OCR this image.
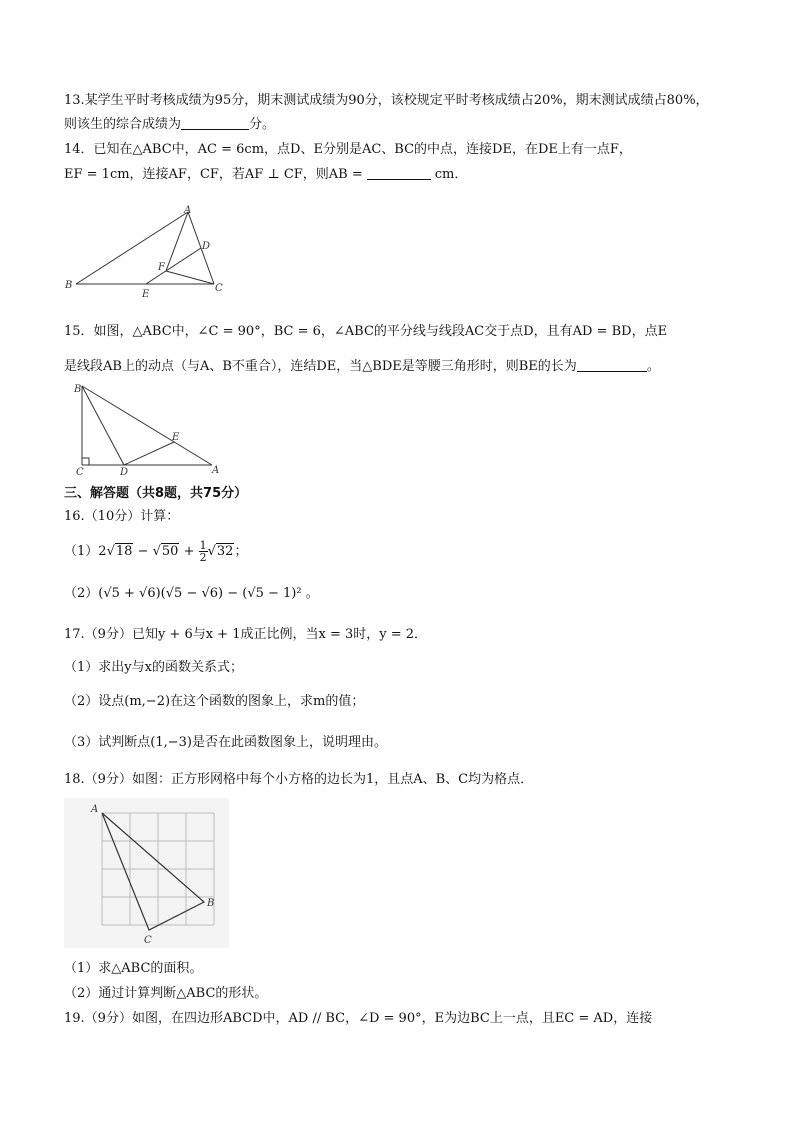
13.某学生平时考核成绩为95分，期末测试成绩为90分，该校规定平时考核成绩占20%，期末测试成绩占80%，
则该生的综合成绩为	分。
14．已知在△ABC中，AC = 6cm，点D、E分别是AC、BC的中点，连接DE，在DE上有一点F，
EF = 1cm，连接AF，CF，若AF ⊥ CF，则AB =	cm．
A
B	C
D
E
F
15．如图，△ABC中，∠C = 90°，BC = 6，∠ABC的平分线与线段AC交于点D，且有AD = BD，点E
是线段AB上的动点（与A、B不重合），连结DE，当△BDE是等腰三角形时，则BE的长为	。
B
C	D
E
A
三、解答题（共8题，共75分）
16.（10分）计算：
$(1)2√18 - √50 + \frac{1}{2} √32$；
（2）(√5 + √6)(√5 − √6) − (√5 − 1)² 。
17.（9分）已知y + 6与x + 1成正比例，当x = 3时，y = 2．
（1）求出y与x的函数关系式；
（2）设点(m,−2)在这个函数的图象上，求m的值；
（3）试判断点(1,−3)是否在此函数图象上，说明理由。
18.（9分）如图：正方形网格中每个小方格的边长为1，且点A、B、C均为格点．
A
B
C
（1）求△ABC的面积。
（2）通过计算判断△ABC的形状。
19.（9分）如图，在四边形ABCD中，AD // BC，∠D = 90°，E为边BC上一点，且EC = AD，连接
